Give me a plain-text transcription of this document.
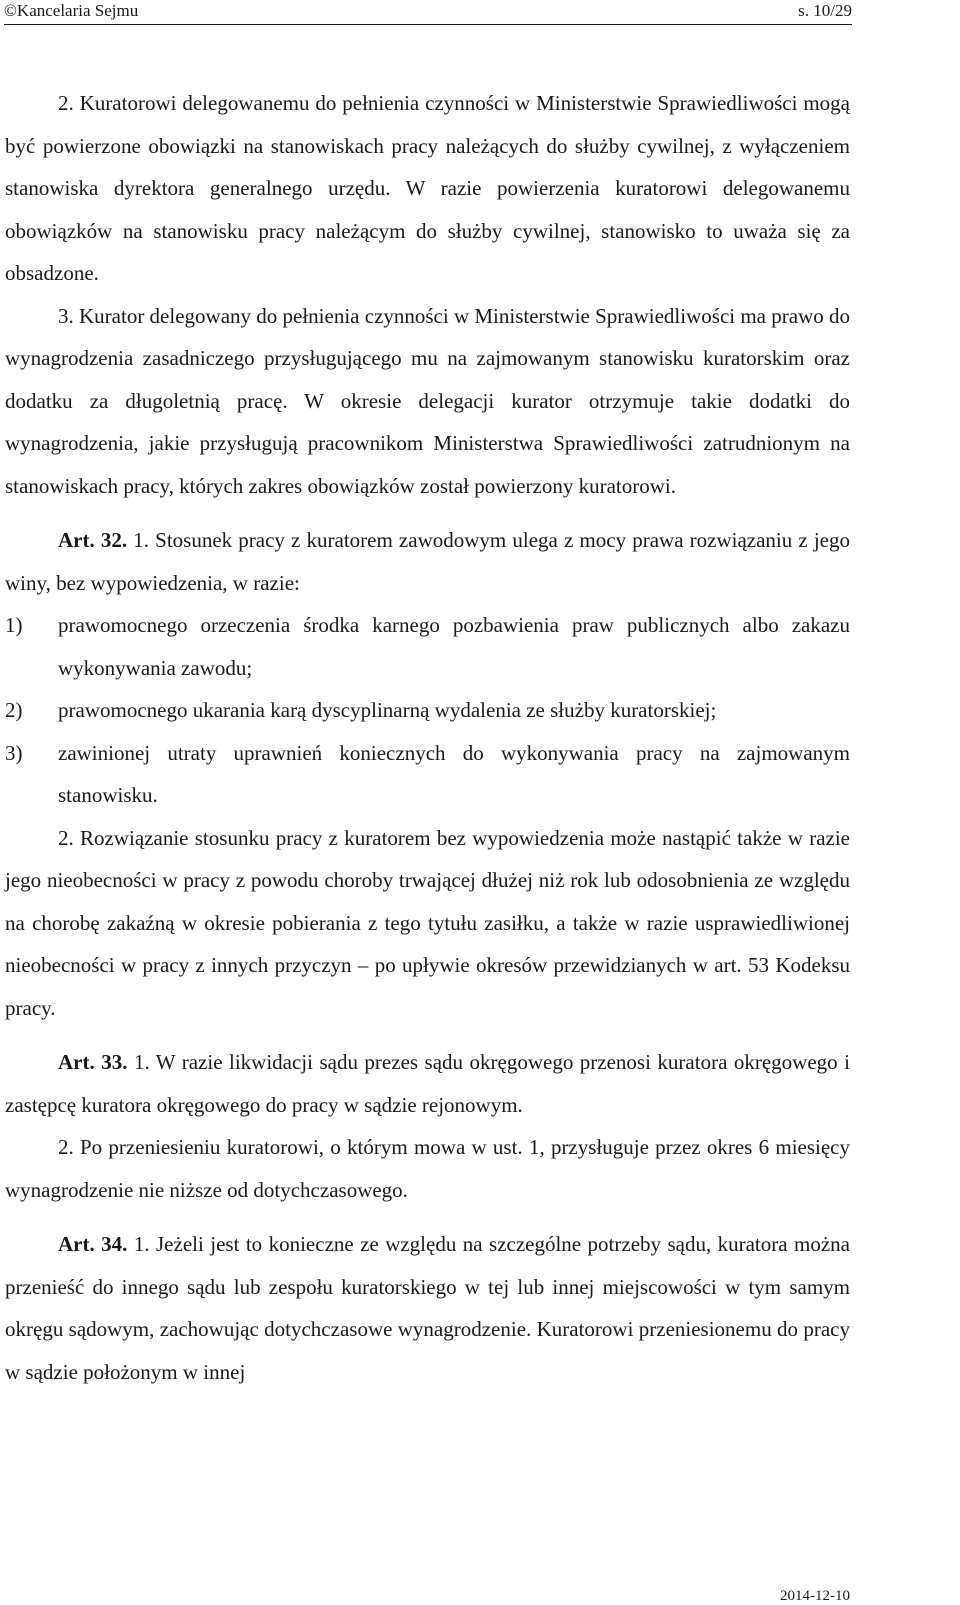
©Kancelaria Sejmu	s. 10/29

2. Kuratorowi delegowanemu do pełnienia czynności w Ministerstwie Sprawiedliwości mogą być powierzone obowiązki na stanowiskach pracy należących do służby cywilnej, z wyłączeniem stanowiska dyrektora generalnego urzędu. W razie powierzenia kuratorowi delegowanemu obowiązków na stanowisku pracy należącym do służby cywilnej, stanowisko to uważa się za obsadzone.

3. Kurator delegowany do pełnienia czynności w Ministerstwie Sprawiedliwości ma prawo do wynagrodzenia zasadniczego przysługującego mu na zajmowanym stanowisku kuratorskim oraz dodatku za długoletnią pracę. W okresie delegacji kurator otrzymuje takie dodatki do wynagrodzenia, jakie przysługują pracownikom Ministerstwa Sprawiedliwości zatrudnionym na stanowiskach pracy, których zakres obowiązków został powierzony kuratorowi.

Art. 32. 1. Stosunek pracy z kuratorem zawodowym ulega z mocy prawa rozwiązaniu z jego winy, bez wypowiedzenia, w razie:

1) prawomocnego orzeczenia środka karnego pozbawienia praw publicznych albo zakazu wykonywania zawodu;
2) prawomocnego ukarania karą dyscyplinarną wydalenia ze służby kuratorskiej;
3) zawinionej utraty uprawnień koniecznych do wykonywania pracy na zajmowanym stanowisku.

2. Rozwiązanie stosunku pracy z kuratorem bez wypowiedzenia może nastąpić także w razie jego nieobecności w pracy z powodu choroby trwającej dłużej niż rok lub odosobnienia ze względu na chorobę zakaźną w okresie pobierania z tego tytułu zasiłku, a także w razie usprawiedliwionej nieobecności w pracy z innych przyczyn – po upływie okresów przewidzianych w art. 53 Kodeksu pracy.

Art. 33. 1. W razie likwidacji sądu prezes sądu okręgowego przenosi kuratora okręgowego i zastępcę kuratora okręgowego do pracy w sądzie rejonowym.

2. Po przeniesieniu kuratorowi, o którym mowa w ust. 1, przysługuje przez okres 6 miesięcy wynagrodzenie nie niższe od dotychczasowego.

Art. 34. 1. Jeżeli jest to konieczne ze względu na szczególne potrzeby sądu, kuratora można przenieść do innego sądu lub zespołu kuratorskiego w tej lub innej miejscowości w tym samym okręgu sądowym, zachowując dotychczasowe wynagrodzenie. Kuratorowi przeniesionemu do pracy w sądzie położonym w innej

2014-12-10
